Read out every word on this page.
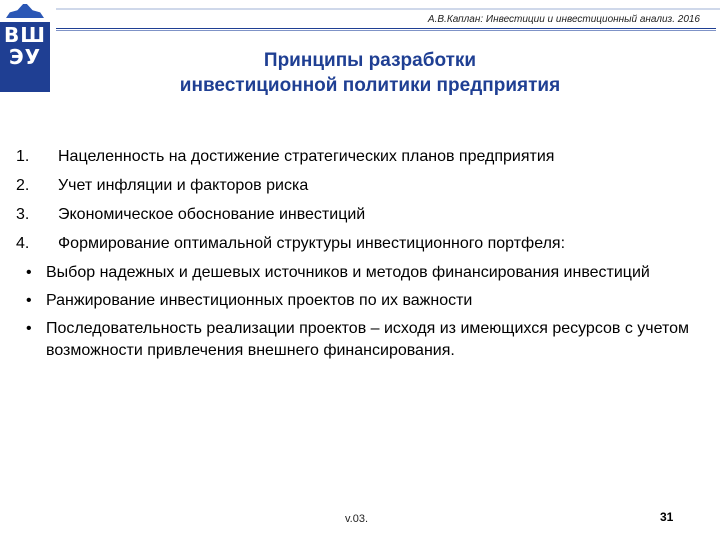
ВШ
ЭУ
А.В.Каплан: Инвестиции и инвестиционный анализ. 2016
Принципы разработки
инвестиционной политики предприятия
1. Нацеленность на достижение стратегических планов предприятия
2. Учет инфляции и факторов риска
3. Экономическое обоснование инвестиций
4. Формирование оптимальной структуры инвестиционного портфеля:
• Выбор надежных и дешевых источников и методов финансирования инвестиций
• Ранжирование инвестиционных проектов по их важности
• Последовательность реализации проектов – исходя из имеющихся ресурсов с учетом возможности привлечения внешнего финансирования.
v.03.	31
